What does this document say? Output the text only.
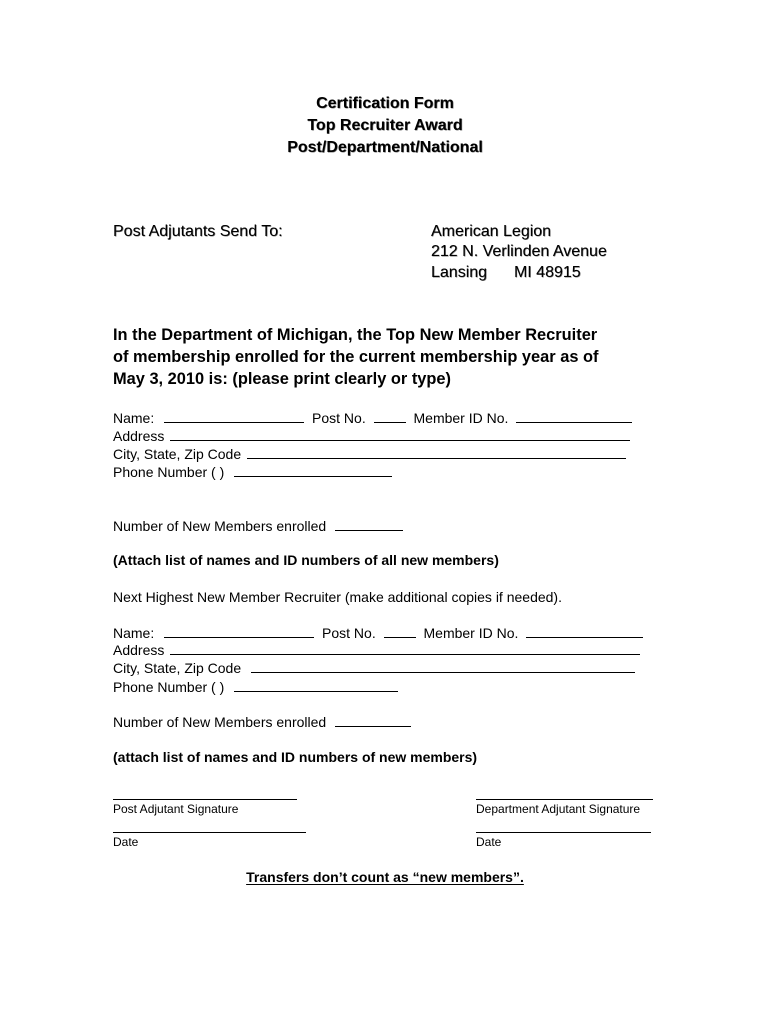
Certification Form
Top Recruiter Award
Post/Department/National
Post Adjutants Send To:	American Legion
212 N. Verlinden Avenue
Lansing MI 48915
In the Department of Michigan, the Top New Member Recruiter
of membership enrolled for the current membership year as of
May 3, 2010 is: (please print clearly or type)
Name:	Post No.	Member ID No.
Address
City, State, Zip Code
Phone Number ( )
Number of New Members enrolled
(Attach list of names and ID numbers of all new members)
Next Highest New Member Recruiter (make additional copies if needed).
Name:	Post No.	Member ID No.
Address
City, State, Zip Code
Phone Number ( )
Number of New Members enrolled
(attach list of names and ID numbers of new members)
Post Adjutant Signature	Department Adjutant Signature
Date	Date
Transfers don’t count as “new members”.
